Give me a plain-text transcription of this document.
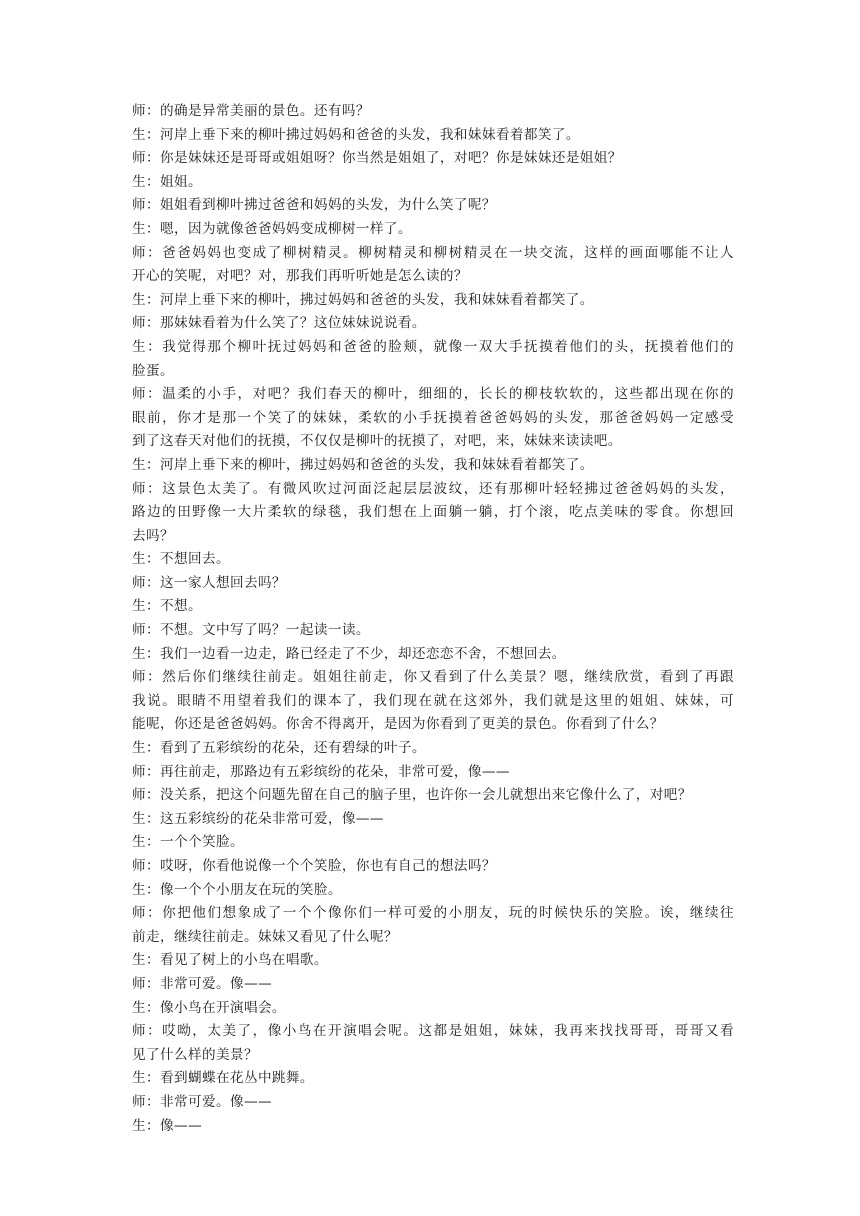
师：的确是异常美丽的景色。还有吗？
生：河岸上垂下来的柳叶拂过妈妈和爸爸的头发，我和妹妹看着都笑了。
师：你是妹妹还是哥哥或姐姐呀？你当然是姐姐了，对吧？你是妹妹还是姐姐？
生：姐姐。
师：姐姐看到柳叶拂过爸爸和妈妈的头发，为什么笑了呢？
生：嗯，因为就像爸爸妈妈变成柳树一样了。
师：爸爸妈妈也变成了柳树精灵。柳树精灵和柳树精灵在一块交流，这样的画面哪能不让人
开心的笑呢，对吧？对，那我们再听听她是怎么读的？
生：河岸上垂下来的柳叶，拂过妈妈和爸爸的头发，我和妹妹看着都笑了。
师：那妹妹看着为什么笑了？这位妹妹说说看。
生：我觉得那个柳叶抚过妈妈和爸爸的脸颊，就像一双大手抚摸着他们的头，抚摸着他们的
脸蛋。
师：温柔的小手，对吧？我们春天的柳叶，细细的，长长的柳枝软软的，这些都出现在你的
眼前，你才是那一个笑了的妹妹，柔软的小手抚摸着爸爸妈妈的头发，那爸爸妈妈一定感受
到了这春天对他们的抚摸，不仅仅是柳叶的抚摸了，对吧，来，妹妹来读读吧。
生：河岸上垂下来的柳叶，拂过妈妈和爸爸的头发，我和妹妹看着都笑了。
师：这景色太美了。有微风吹过河面泛起层层波纹，还有那柳叶轻轻拂过爸爸妈妈的头发，
路边的田野像一大片柔软的绿毯，我们想在上面躺一躺，打个滚，吃点美味的零食。你想回
去吗？
生：不想回去。
师：这一家人想回去吗？
生：不想。
师：不想。文中写了吗？一起读一读。
生：我们一边看一边走，路已经走了不少，却还恋恋不舍，不想回去。
师：然后你们继续往前走。姐姐往前走，你又看到了什么美景？嗯，继续欣赏，看到了再跟
我说。眼睛不用望着我们的课本了，我们现在就在这郊外，我们就是这里的姐姐、妹妹，可
能呢，你还是爸爸妈妈。你舍不得离开，是因为你看到了更美的景色。你看到了什么？
生：看到了五彩缤纷的花朵，还有碧绿的叶子。
师：再往前走，那路边有五彩缤纷的花朵，非常可爱，像——
师：没关系，把这个问题先留在自己的脑子里，也许你一会儿就想出来它像什么了，对吧？
生：这五彩缤纷的花朵非常可爱，像——
生：一个个笑脸。
师：哎呀，你看他说像一个个笑脸，你也有自己的想法吗？
生：像一个个小朋友在玩的笑脸。
师：你把他们想象成了一个个像你们一样可爱的小朋友，玩的时候快乐的笑脸。诶，继续往
前走，继续往前走。妹妹又看见了什么呢？
生：看见了树上的小鸟在唱歌。
师：非常可爱。像——
生：像小鸟在开演唱会。
师：哎呦，太美了，像小鸟在开演唱会呢。这都是姐姐，妹妹，我再来找找哥哥，哥哥又看
见了什么样的美景？
生：看到蝴蝶在花丛中跳舞。
师：非常可爱。像——
生：像——
